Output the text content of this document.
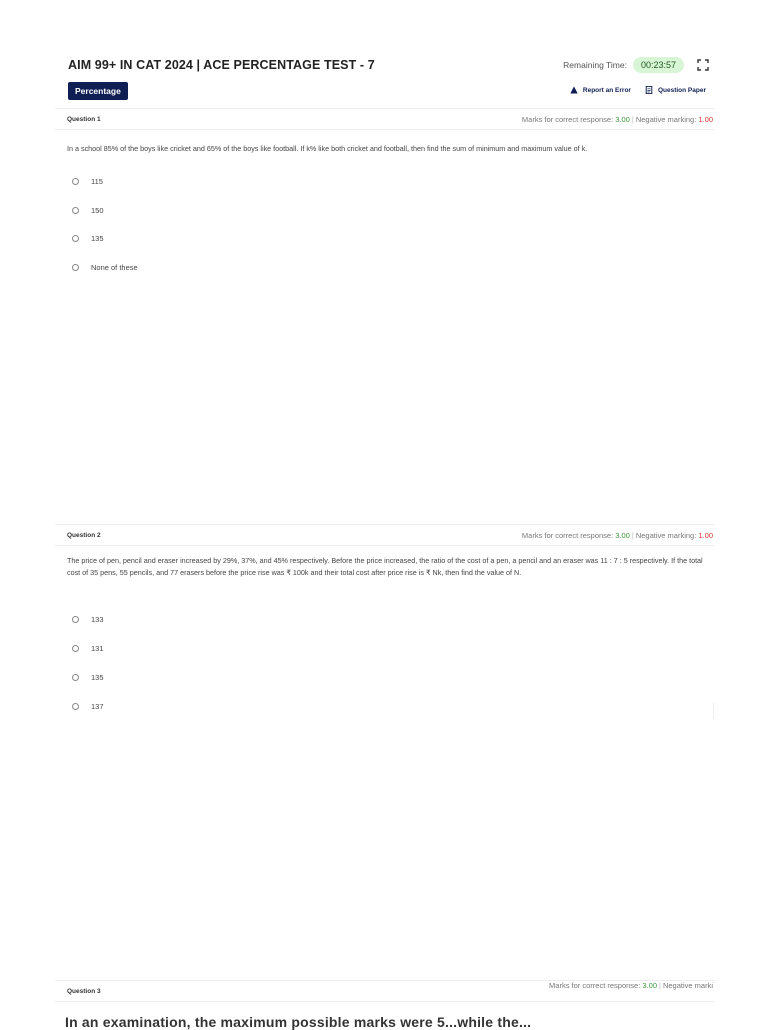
AIM 99+ IN CAT 2024 | ACE PERCENTAGE TEST - 7	Remaining Time:	00:23:57
Percentage	Report an Error	Question Paper
Question 1	Marks for correct response: 3.00 | Negative marking: 1.00
In a school 85% of the boys like cricket and 65% of the boys like football. If k% like both cricket and football, then find the sum of minimum and maximum value of k.
115
150
135
None of these
Question 2	Marks for correct response: 3.00 | Negative marking: 1.00
The price of pen, pencil and eraser increased by 29%, 37%, and 45% respectively. Before the price increased, the ratio of the cost of a pen, a pencil and an eraser was 11 : 7 : 5 respectively. If the total cost of 35 pens, 55 pencils, and 77 erasers before the price rise was ₹ 100k and their total cost after price rise is ₹ Nk, then find the value of N.
133
131
135
137
Question 3
Marks for correct response: 3.00 | Negative marki
In an examination, the maximum possible marks were 5...while the...
